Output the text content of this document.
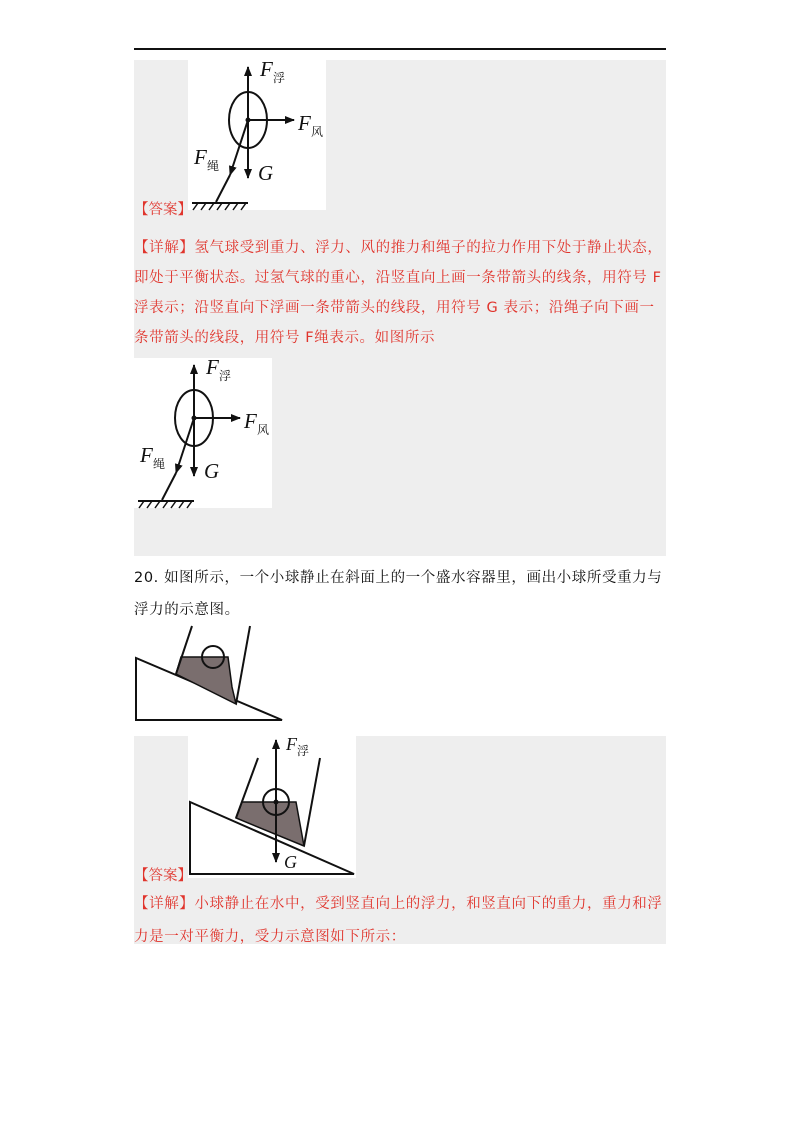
F 浮
F 风
F 绳 G
【答案】
【详解】氢气球受到重力、浮力、风的推力和绳子的拉力作用下处于静止状态，即处于平衡状态。过氢气球的重心，沿竖直向上画一条带箭头的线条，用符号 F浮表示；沿竖直向下浮画一条带箭头的线段，用符号 G 表示；沿绳子向下画一条带箭头的线段，用符号 F绳表示。如图所示
F 浮
F 风
F 绳 G
20. 如图所示，一个小球静止在斜面上的一个盛水容器里，画出小球所受重力与浮力的示意图。
F 浮
G
【答案】
【详解】小球静止在水中，受到竖直向上的浮力，和竖直向下的重力，重力和浮力是一对平衡力，受力示意图如下所示：
